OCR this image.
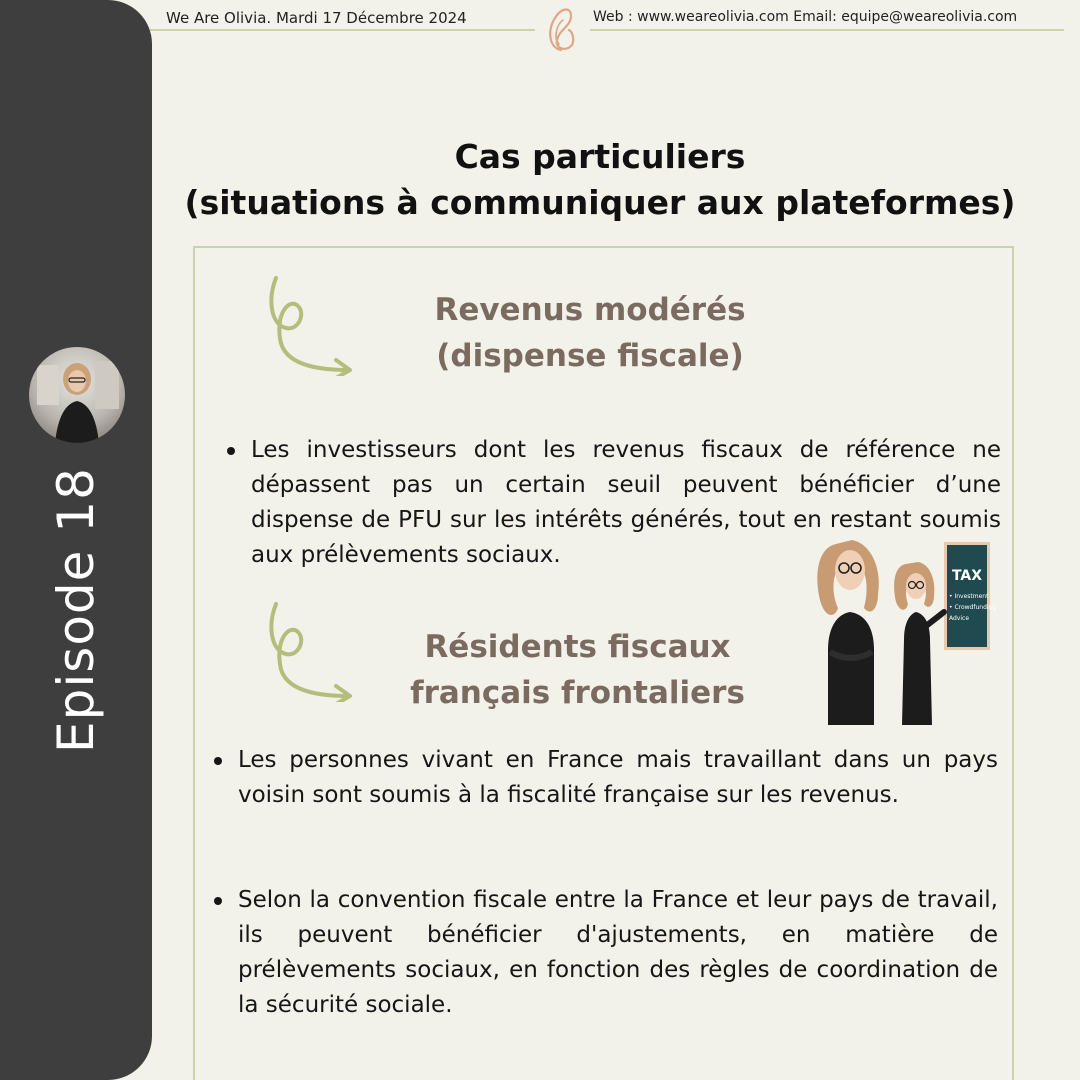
Episode 18
We Are Olivia. Mardi 17 Décembre 2024	Web : www.weareolivia.com Email: equipe@weareolivia.com
Cas particuliers
(situations à communiquer aux plateformes)
Revenus modérés
(dispense fiscale)
Les investisseurs dont les revenus fiscaux de référence ne dépassent pas un certain seuil peuvent bénéficier d’une dispense de PFU sur les intérêts générés, tout en restant soumis aux prélèvements sociaux.
Résidents fiscaux
français frontaliers
Les personnes vivant en France mais travaillant dans un pays voisin sont soumis à la fiscalité française sur les revenus.
Selon la convention fiscale entre la France et leur pays de travail, ils peuvent bénéficier d'ajustements, en matière de prélèvements sociaux, en fonction des règles de coordination de la sécurité sociale.
TAX
• Investment
• Crowdfunding
Advice
